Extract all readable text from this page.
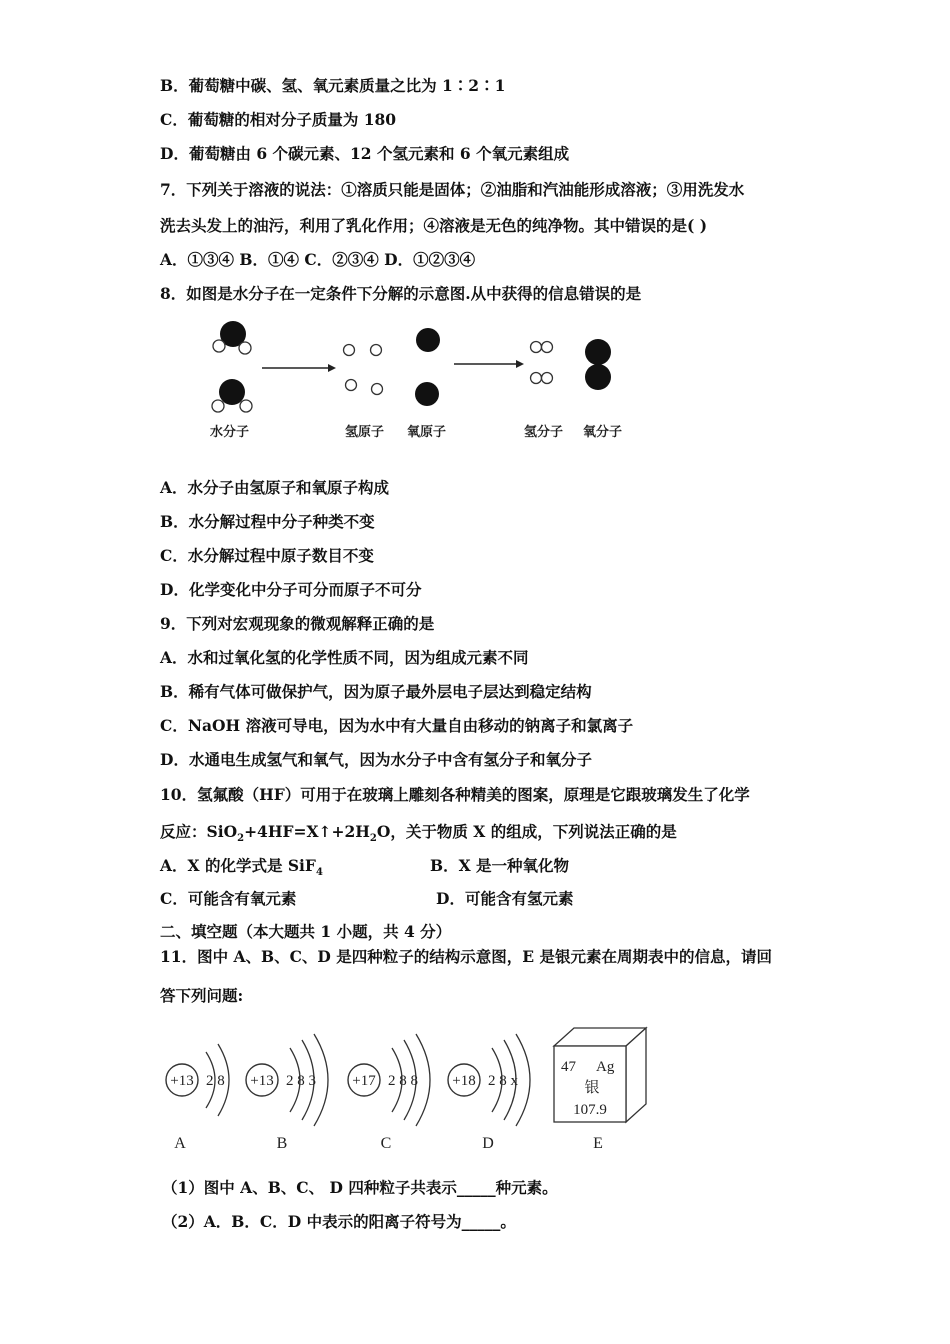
B．葡萄糖中碳、氢、氧元素质量之比为 1∶2∶1
C．葡萄糖的相对分子质量为 180
D．葡萄糖由 6 个碳元素、12 个氢元素和 6 个氧元素组成
7．下列关于溶液的说法：①溶质只能是固体；②油脂和汽油能形成溶液；③用洗发水
洗去头发上的油污，利用了乳化作用；④溶液是无色的纯净物。其中错误的是( )
A．①③④ B．①④ C．②③④ D．①②③④
8．如图是水分子在一定条件下分解的示意图.从中获得的信息错误的是
水分子	氢原子 氧原子	氢分子 氧分子
A．水分子由氢原子和氧原子构成
B．水分解过程中分子种类不变
C．水分解过程中原子数目不变
D．化学变化中分子可分而原子不可分
9．下列对宏观现象的微观解释正确的是
A．水和过氧化氢的化学性质不同，因为组成元素不同
B．稀有气体可做保护气，因为原子最外层电子层达到稳定结构
C．NaOH 溶液可导电，因为水中有大量自由移动的钠离子和氯离子
D．水通电生成氢气和氧气，因为水分子中含有氢分子和氧分子
10．氢氟酸（HF）可用于在玻璃上雕刻各种精美的图案，原理是它跟玻璃发生了化学
反应：$SiO_2+4HF=X↑+2H_2O$，关于物质 X 的组成，下列说法正确的是
A．X 的化学式是 SiF$_4$	B．X 是一种氧化物
C．可能含有氧元素	D．可能含有氢元素
二、填空题（本大题共 1 小题，共 4 分）
11．图中 A、B、C、D 是四种粒子的结构示意图，E 是银元素在周期表中的信息，请回
答下列问题:
+13 2 8
A
+13 2 8 3
B
+17 2 8 8
C
+18 2 8 x
D
47 Ag
银
107.9
E
（1）图中 A、B、C、 D 四种粒子共表示_____种元素。
（2）A．B．C．D 中表示的阳离子符号为_____。
